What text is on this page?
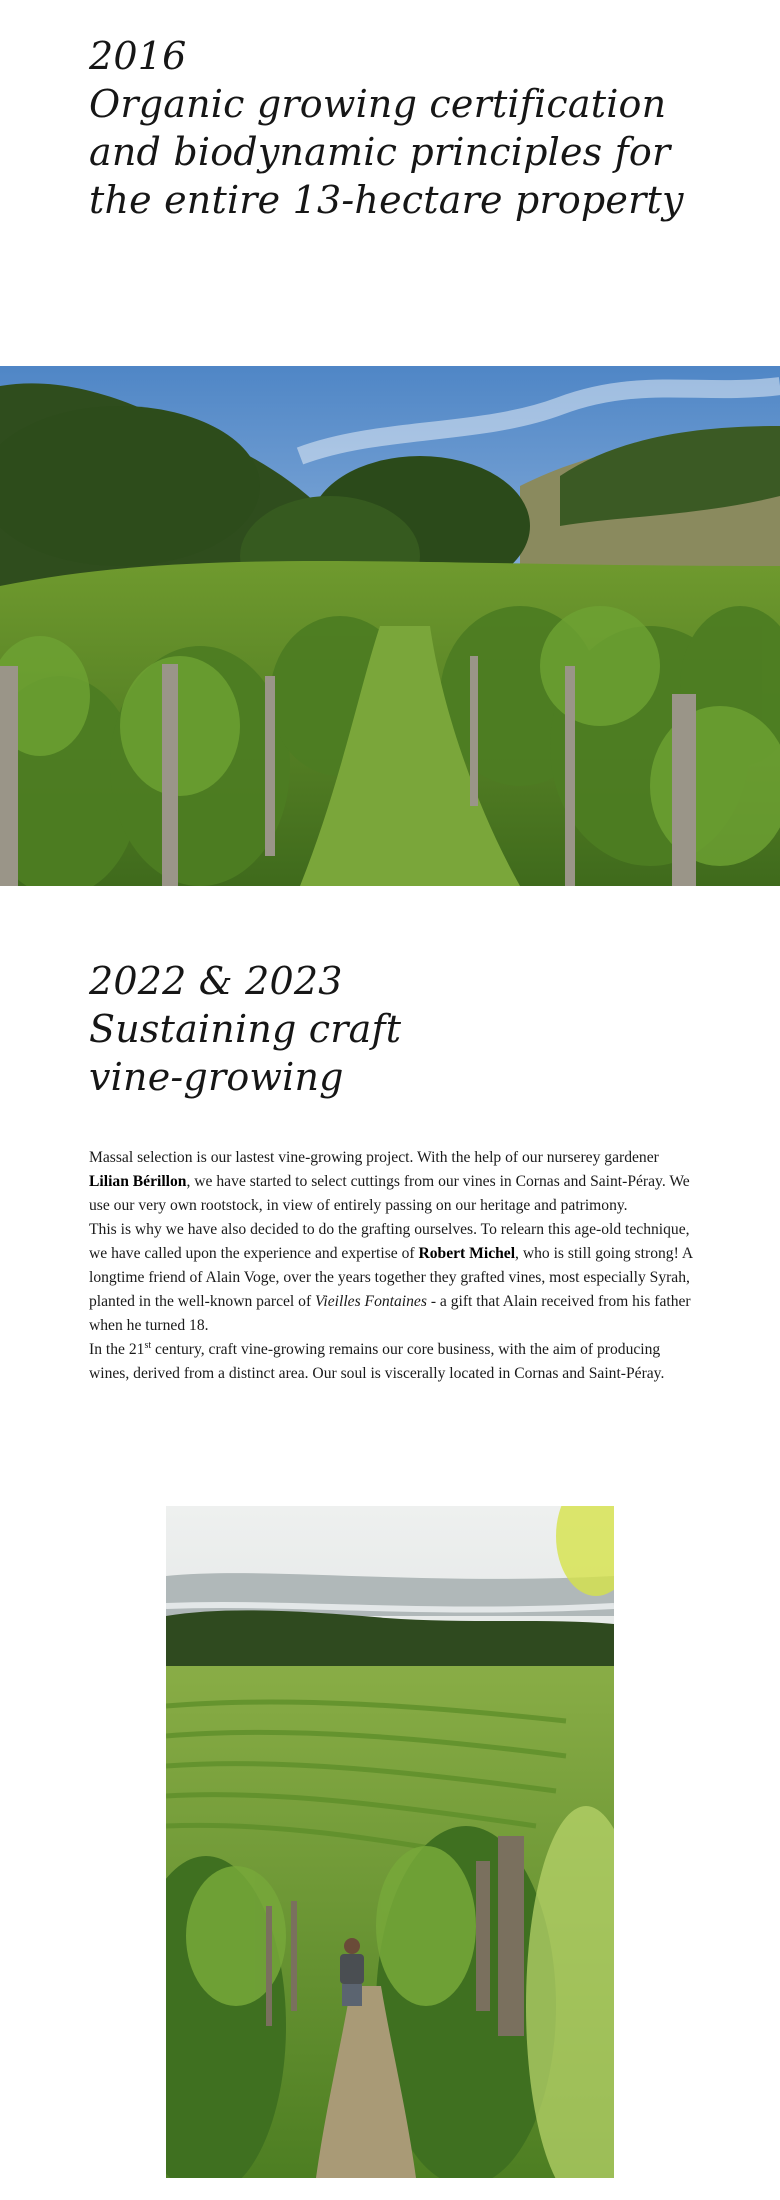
2016
Organic growing certification
and biodynamic principles for
the entire 13-hectare property
2022 & 2023
Sustaining craft
vine-growing

Massal selection is our lastest vine-growing project. With the help of our nurserey gardener Lilian Bérillon, we have started to select cuttings from our vines in Cornas and Saint-Péray. We use our very own rootstock, in view of entirely passing on our heritage and patrimony.

This is why we have also decided to do the grafting ourselves. To relearn this age-old technique, we have called upon the experience and expertise of Robert Michel, who is still going strong! A longtime friend of Alain Voge, over the years together they grafted vines, most especially Syrah, planted in the well-known parcel of Vieilles Fontaines - a gift that Alain received from his father when he turned 18.

In the 21st century, craft vine-growing remains our core business, with the aim of producing wines, derived from a distinct area. Our soul is viscerally located in Cornas and Saint-Péray.
